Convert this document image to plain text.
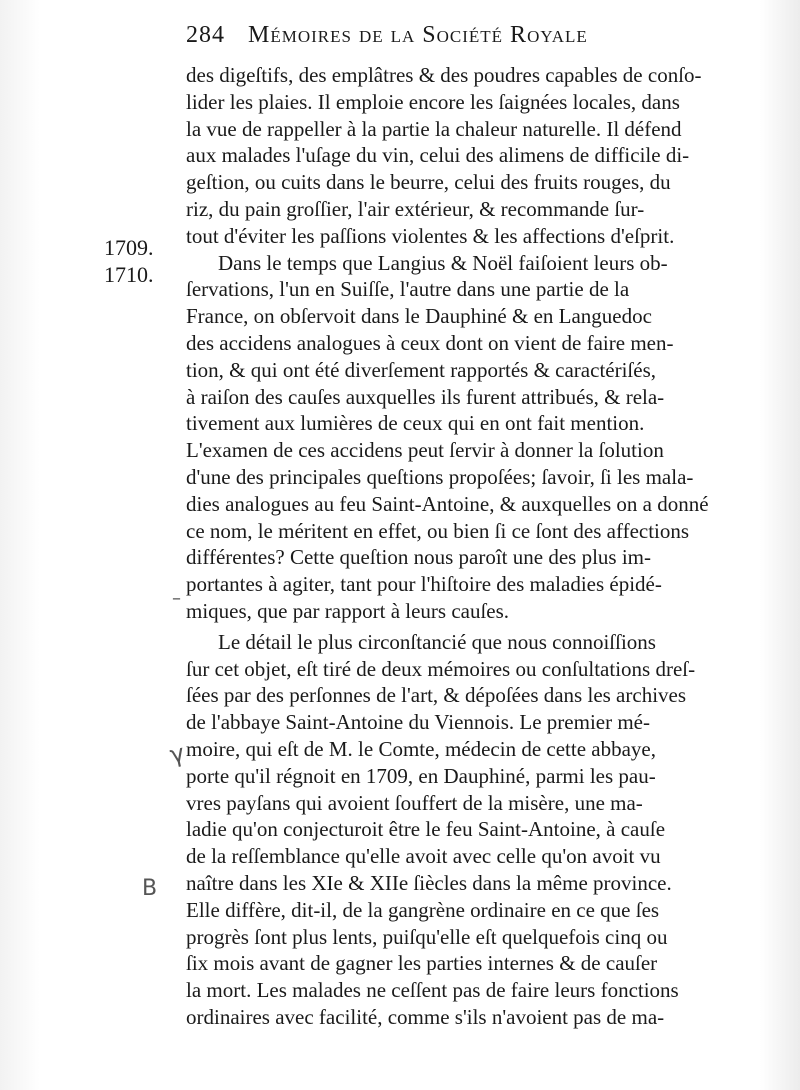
284 Mémoires de la Société Royale
1709.
1710.
–
γ
B
des digeſtifs, des emplâtres & des poudres capables de conſo-
lider les plaies. Il emploie encore les ſaignées locales, dans
la vue de rappeller à la partie la chaleur naturelle. Il défend
aux malades l'uſage du vin, celui des alimens de difficile di-
geſtion, ou cuits dans le beurre, celui des fruits rouges, du
riz, du pain groſſier, l'air extérieur, & recommande ſur-
tout d'éviter les paſſions violentes & les affections d'eſprit.
Dans le temps que Langius & Noël faiſoient leurs ob-
ſervations, l'un en Suiſſe, l'autre dans une partie de la
France, on obſervoit dans le Dauphiné & en Languedoc
des accidens analogues à ceux dont on vient de faire men-
tion, & qui ont été diverſement rapportés & caractériſés,
à raiſon des cauſes auxquelles ils furent attribués, & rela-
tivement aux lumières de ceux qui en ont fait mention.
L'examen de ces accidens peut ſervir à donner la ſolution
d'une des principales queſtions propoſées; ſavoir, ſi les mala-
dies analogues au feu Saint-Antoine, & auxquelles on a donné
ce nom, le méritent en effet, ou bien ſi ce ſont des affections
différentes? Cette queſtion nous paroît une des plus im-
portantes à agiter, tant pour l'hiſtoire des maladies épidé-
miques, que par rapport à leurs cauſes.
Le détail le plus circonſtancié que nous connoiſſions
ſur cet objet, eſt tiré de deux mémoires ou conſultations dreſ-
ſées par des perſonnes de l'art, & dépoſées dans les archives
de l'abbaye Saint-Antoine du Viennois. Le premier mé-
moire, qui eſt de M. le Comte, médecin de cette abbaye,
porte qu'il régnoit en 1709, en Dauphiné, parmi les pau-
vres payſans qui avoient ſouffert de la misère, une ma-
ladie qu'on conjecturoit être le feu Saint-Antoine, à cauſe
de la reſſemblance qu'elle avoit avec celle qu'on avoit vu
naître dans les XIe & XIIe ſiècles dans la même province.
Elle diffère, dit-il, de la gangrène ordinaire en ce que ſes
progrès ſont plus lents, puiſqu'elle eſt quelquefois cinq ou
ſix mois avant de gagner les parties internes & de cauſer
la mort. Les malades ne ceſſent pas de faire leurs fonctions
ordinaires avec facilité, comme s'ils n'avoient pas de ma-
